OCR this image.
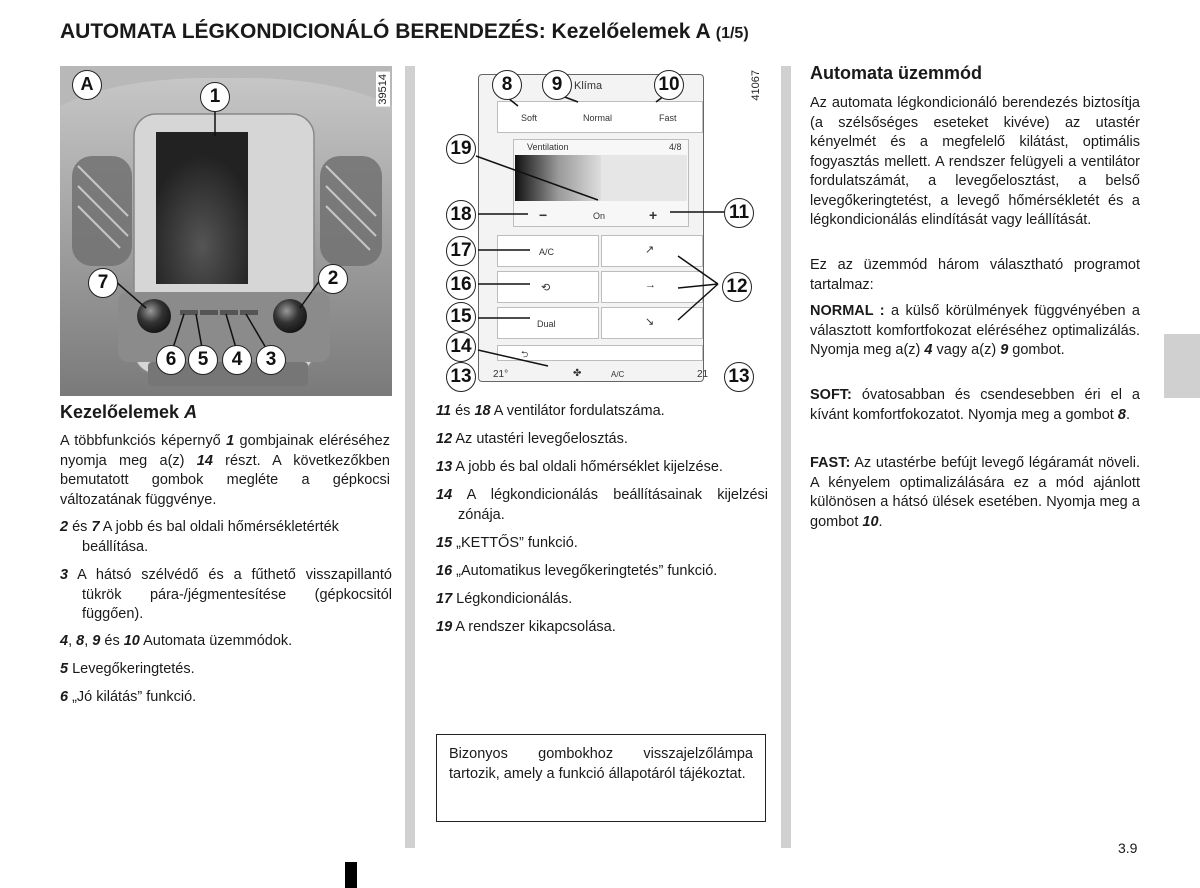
AUTOMATA LÉGKONDICIONÁLÓ BERENDEZÉS: Kezelőelemek A (1/5)
39514
A
1
2
7
6	5	4	3
41067
Klíma
Soft	Normal	Fast
Ventilation	4/8
−	On	+
A/C
⟲
Dual
↗
→
↘
⮌
21°	✤	A/C	21
8	9	10
19
18	11
17
16
15
12
14
13	13
Kezelőelemek A
A többfunkciós képernyő 1 gombjainak eléréséhez nyomja meg a(z) 14 részt. A következőkben bemutatott gombok megléte a gépkocsi változatának függvénye.
2 és 7 A jobb és bal oldali hőmérsékletérték beállítása.
3 A hátsó szélvédő és a fűthető visszapillantó tükrök pára-/jégmentesítése (gépkocsitól függően).
4, 8, 9 és 10 Automata üzemmódok.
5 Levegőkeringtetés.
6 „Jó kilátás” funkció.
11 és 18 A ventilátor fordulatszáma.
12 Az utastéri levegőelosztás.
13 A jobb és bal oldali hőmérséklet kijelzése.
14 A légkondicionálás beállításainak kijelzési zónája.
15 „KETTŐS” funkció.
16 „Automatikus levegőkeringtetés” funkció.
17 Légkondicionálás.
19 A rendszer kikapcsolása.
Bizonyos gombokhoz visszajelzőlámpa tartozik, amely a funkció állapotáról tájékoztat.
Automata üzemmód
Az automata légkondicionáló berendezés biztosítja (a szélsőséges eseteket kivéve) az utastér kényelmét és a megfelelő kilátást, optimális fogyasztás mellett. A rendszer felügyeli a ventilátor fordulatszámát, a levegőelosztást, a belső levegőkeringtetést, a levegő hőmérsékletét és a légkondicionálás elindítását vagy leállítását.
Ez az üzemmód három választható programot tartalmaz:
NORMAL : a külső körülmények függvényében a választott komfortfokozat eléréséhez optimalizálás. Nyomja meg a(z) 4 vagy a(z) 9 gombot.
SOFT: óvatosabban és csendesebben éri el a kívánt komfortfokozatot. Nyomja meg a gombot 8.
FAST: Az utastérbe befújt levegő légáramát növeli. A kényelem optimalizálására ez a mód ajánlott különösen a hátsó ülések esetében. Nyomja meg a gombot 10.
3.9
